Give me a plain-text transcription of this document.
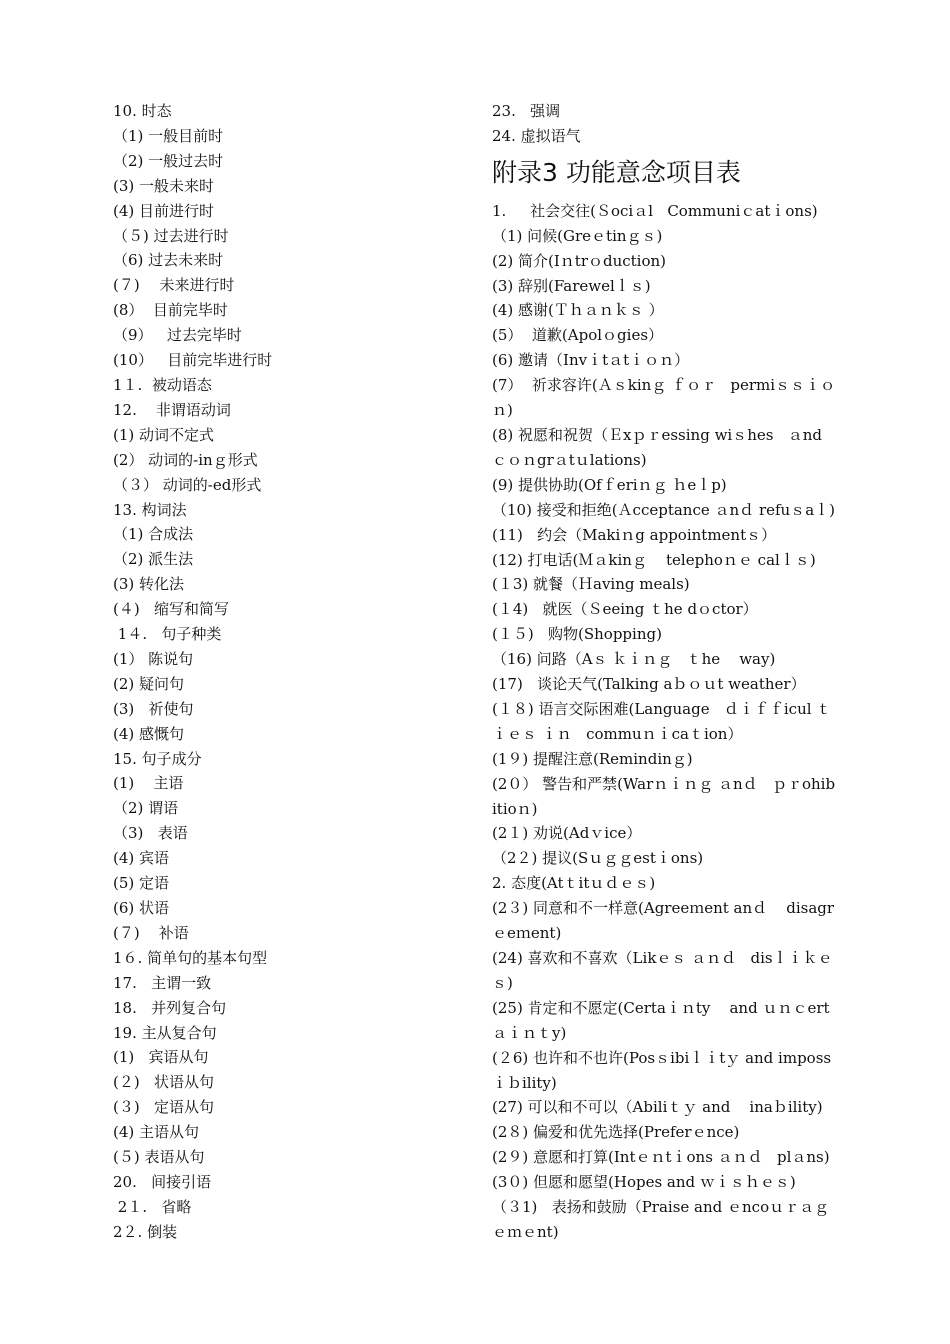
10. 时态
（1) 一般目前时
（2) 一般过去时
(3) 一般未来时
(4) 目前进行时
（５) 过去进行时
（6) 过去未来时
(７)　 未来进行时
(8）  目前完毕时
（9）   过去完毕时
(10）   目前完毕进行时
1１.  被动语态
12.    非谓语动词
(1) 动词不定式
(2） 动词的-inｇ形式
（３） 动词的-ed形式
13. 构词法
（1) 合成法
（2) 派生法
(3) 转化法
(４)   缩写和简写
1４.   句子种类
(1） 陈说句
(2) 疑问句
(3)   祈使句
(4) 感慨句
15. 句子成分
(1)    主语
（2) 谓语
（3)   表语
(4) 宾语
(5) 定语
(6) 状语
(７)    补语
1６. 简单句的基本句型
17.   主谓一致
18.   并列复合句
19. 主从复合句
(1)   宾语从句
(２)   状语从句
(３)   定语从句
(4) 主语从句
(５) 表语从句
20.   间接引语
2１.   省略
2２. 倒装
23.   强调
24. 虚拟语气
附录3 功能意念项目表
1.     社会交往(Ｓociａl   Communiｃatｉons)
（1) 问候(Greｅtinｇｓ)
(2) 简介(Iｎtrｏduction)
(3) 辞别(Farewelｌｓ)
(4) 感谢(Ｔｈａｎｋｓ ）
(5）  道歉(Apolｏgies）
(6) 邀请（Invｉtａtｉｏｎ）
(7）  祈求容许(Ａｓkinｇ ｆｏｒ   permiｓｓｉｏｎ)
(8) 祝愿和祝贺（Ｅxｐｒessing wiｓhes   ａndｃｏｎgrａtｕlations)
(9) 提供协助(Ofｆeriｎｇ ｈeｌp)
（10) 接受和拒绝(Ａcceptance ａnｄ refuｓaｌ)
(11)   约会（Makiｎg appointmentｓ）
(12) 打电话(Ｍａkinｇ    telephoｎｅ calｌｓ)
(１3) 就餐（Ｈaving meals)
(１4)   就医（Ｓeeing ｔhe dｏctor）
(１５)   购物(Shopping)
（16) 问路（Aｓ ｋｉｎｇ   ｔhe    way)
(17)   谈论天气(Talking aｂｏｕt weather）
(１８) 语言交际困难(Language   ｄｉｆｆicul ｔｉｅｓ ｉｎ   commuｎｉcaｔion）
(1９) 提醒注意(Remindinｇ)
(2０） 警告和严禁(Warｎｉｎｇ ａnｄ   ｐｒohibitioｎ)
(2１) 劝说(Adｖice）
（2２) 提议(Sｕｇｇestｉons)
2. 态度(Atｔitｕｄｅｓ)
(2３) 同意和不一样意(Agreeｍent anｄ    disagrｅeｍent)
(24) 喜欢和不喜欢（Likｅｓ ａｎｄ   disｌｉｋｅｓ)
(25) 肯定和不愿定(Certaｉｎty    and ｕｎｃertａｉｎｔy)
(２6) 也许和不也许(Posｓibiｌｉtｙ and impossｉｂility)
(27) 可以和不可以（Abiliｔｙ and    inaｂility)
(2８) 偏爱和优先选择(Preferｅnce)
(2９) 意愿和打算(Intｅｎtｉons ａｎｄ   plａns)
(3０) 但愿和愿望(Hopes and ｗｉｓｈｅｓ)
（３1)   表扬和鼓励（Praise and ｅncoｕｒａｇｅｍｅnt)
